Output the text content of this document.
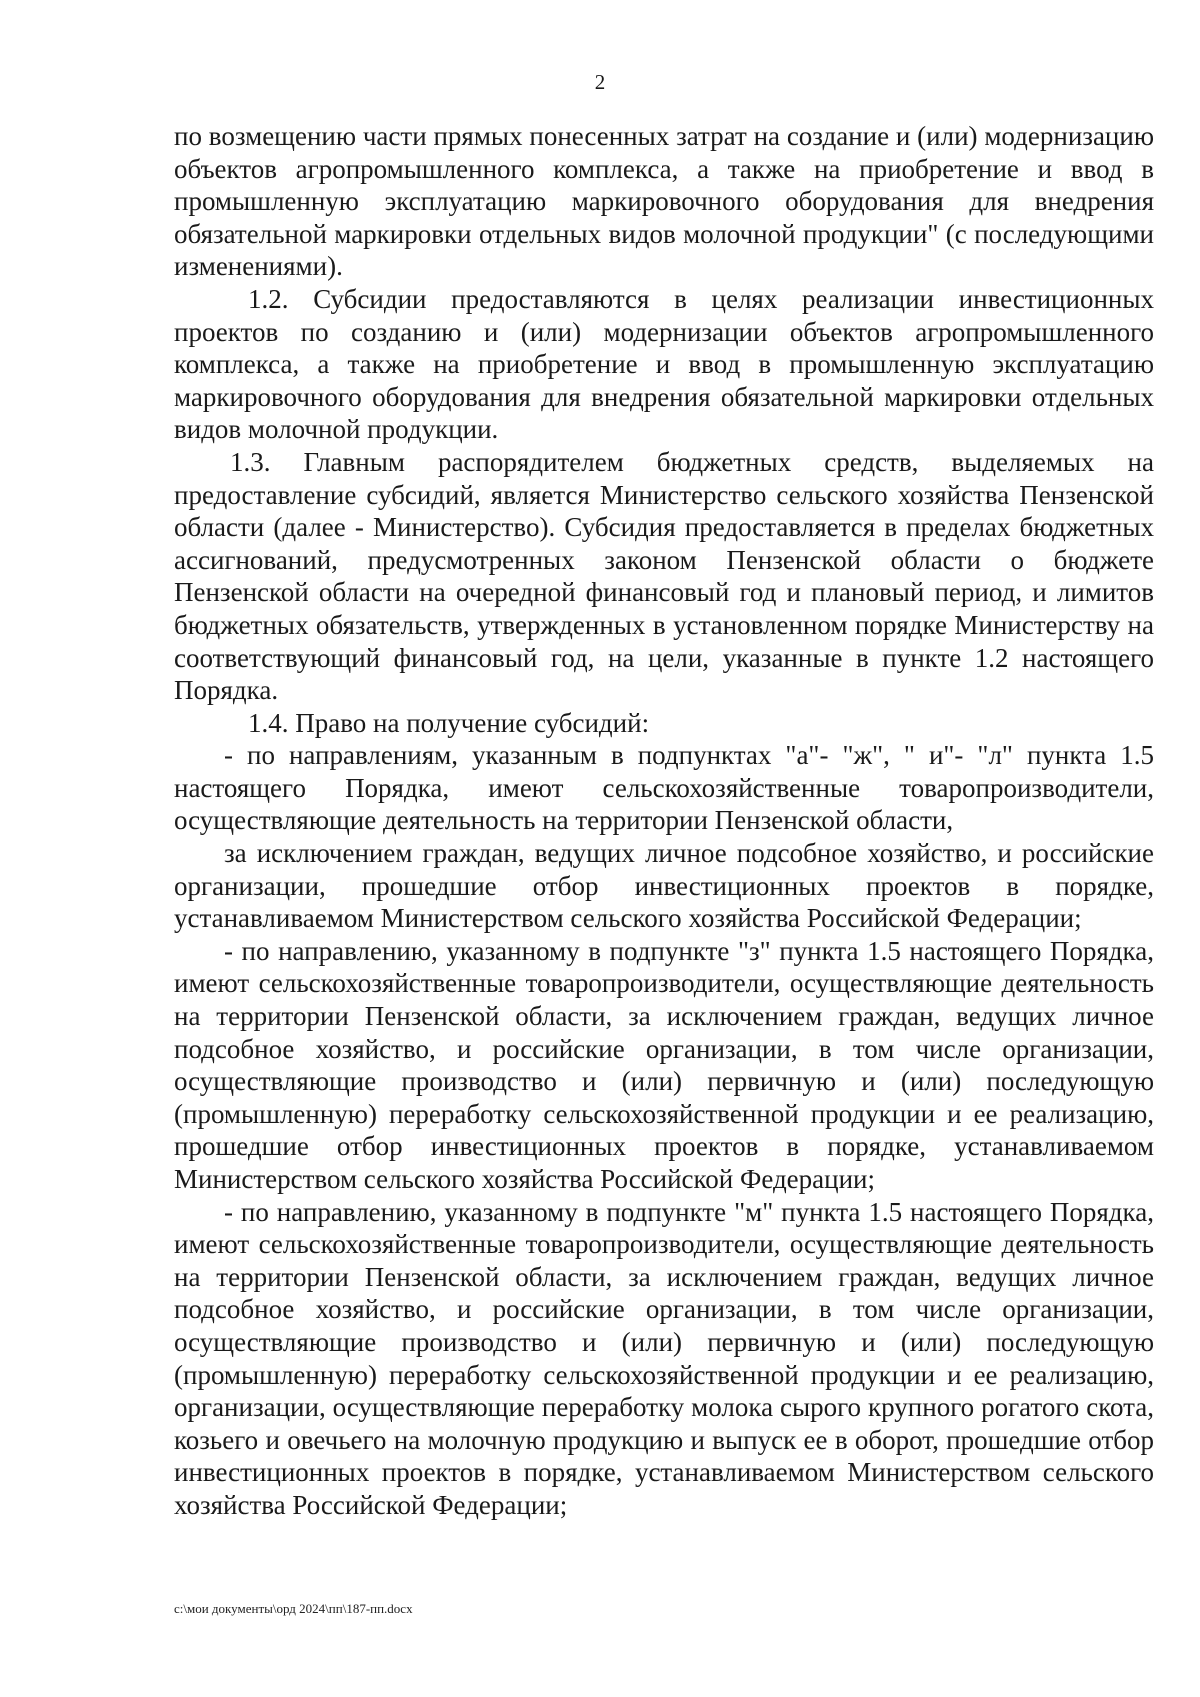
2

по возмещению части прямых понесенных затрат на создание и (или) модернизацию объектов агропромышленного комплекса, а также на приобретение и ввод в промышленную эксплуатацию маркировочного оборудования для внедрения обязательной маркировки отдельных видов молочной продукции" (с последующими изменениями).

1.2. Субсидии предоставляются в целях реализации инвестиционных проектов по созданию и (или) модернизации объектов агропромышленного комплекса, а также на приобретение и ввод в промышленную эксплуатацию маркировочного оборудования для внедрения обязательной маркировки отдельных видов молочной продукции.

1.3. Главным распорядителем бюджетных средств, выделяемых на предоставление субсидий, является Министерство сельского хозяйства Пензенской области (далее - Министерство). Субсидия предоставляется в пределах бюджетных ассигнований, предусмотренных законом Пензенской области о бюджете Пензенской области на очередной финансовый год и плановый период, и лимитов бюджетных обязательств, утвержденных в установленном порядке Министерству на соответствующий финансовый год, на цели, указанные в пункте 1.2 настоящего Порядка.

1.4. Право на получение субсидий:

- по направлениям, указанным в подпунктах "а"- "ж", " и"- "л" пункта 1.5 настоящего Порядка, имеют сельскохозяйственные товаропроизводители, осуществляющие деятельность на территории Пензенской области,

за исключением граждан, ведущих личное подсобное хозяйство, и российские организации, прошедшие отбор инвестиционных проектов в порядке, устанавливаемом Министерством сельского хозяйства Российской Федерации;

- по направлению, указанному в подпункте "з" пункта 1.5 настоящего Порядка, имеют сельскохозяйственные товаропроизводители, осуществляющие деятельность на территории Пензенской области, за исключением граждан, ведущих личное подсобное хозяйство, и российские организации, в том числе организации, осуществляющие производство и (или) первичную и (или) последующую (промышленную) переработку сельскохозяйственной продукции и ее реализацию, прошедшие отбор инвестиционных проектов в порядке, устанавливаемом Министерством сельского хозяйства Российской Федерации;

- по направлению, указанному в подпункте "м" пункта 1.5 настоящего Порядка, имеют сельскохозяйственные товаропроизводители, осуществляющие деятельность на территории Пензенской области, за исключением граждан, ведущих личное подсобное хозяйство, и российские организации, в том числе организации, осуществляющие производство и (или) первичную и (или) последующую (промышленную) переработку сельскохозяйственной продукции и ее реализацию, организации, осуществляющие переработку молока сырого крупного рогатого скота, козьего и овечьего на молочную продукцию и выпуск ее в оборот, прошедшие отбор инвестиционных проектов в порядке, устанавливаемом Министерством сельского хозяйства Российской Федерации;

c:\мои документы\орд 2024\пп\187-пп.docx
